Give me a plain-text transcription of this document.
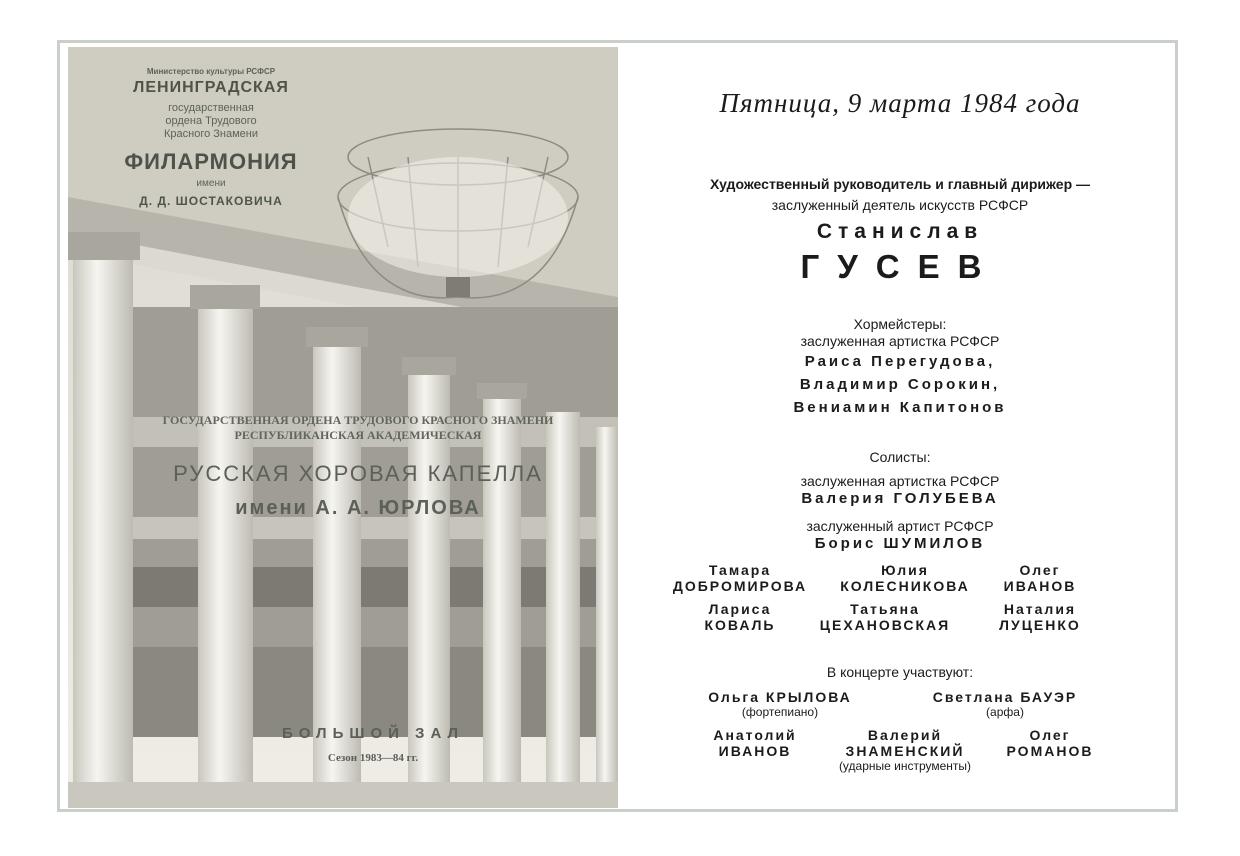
Министерство культуры РСФСР
ЛЕНИНГРАДСКАЯ
государственная
ордена Трудового
Красного Знамени
ФИЛАРМОНИЯ
имени
Д. Д. ШОСТАКОВИЧА
ГОСУДАРСТВЕННАЯ ОРДЕНА ТРУДОВОГО КРАСНОГО ЗНАМЕНИ
РЕСПУБЛИКАНСКАЯ АКАДЕМИЧЕСКАЯ
РУССКАЯ ХОРОВАЯ КАПЕЛЛА
имени А. А. ЮРЛОВА
БОЛЬШОЙ ЗАЛ
Сезон 1983—84 гг.
Пятница, 9 марта 1984 года
Художественный руководитель и главный дирижер —
заслуженный деятель искусств РСФСР
Станислав
ГУСЕВ
Хормейстеры:
заслуженная артистка РСФСР
Раиса Перегудова,
Владимир Сорокин,
Вениамин Капитонов
Солисты:
заслуженная артистка РСФСР
Валерия ГОЛУБЕВА
заслуженный артист РСФСР
Борис ШУМИЛОВ
Тамара
ДОБРОМИРОВА
Юлия
КОЛЕСНИКОВА
Олег
ИВАНОВ
Лариса
КОВАЛЬ
Татьяна
ЦЕХАНОВСКАЯ
Наталия
ЛУЦЕНКО
В концерте участвуют:
Ольга КРЫЛОВА
(фортепиано)
Светлана БАУЭР
(арфа)
Анатолий
ИВАНОВ
Валерий
ЗНАМЕНСКИЙ
Олег
РОМАНОВ
(ударные инструменты)
